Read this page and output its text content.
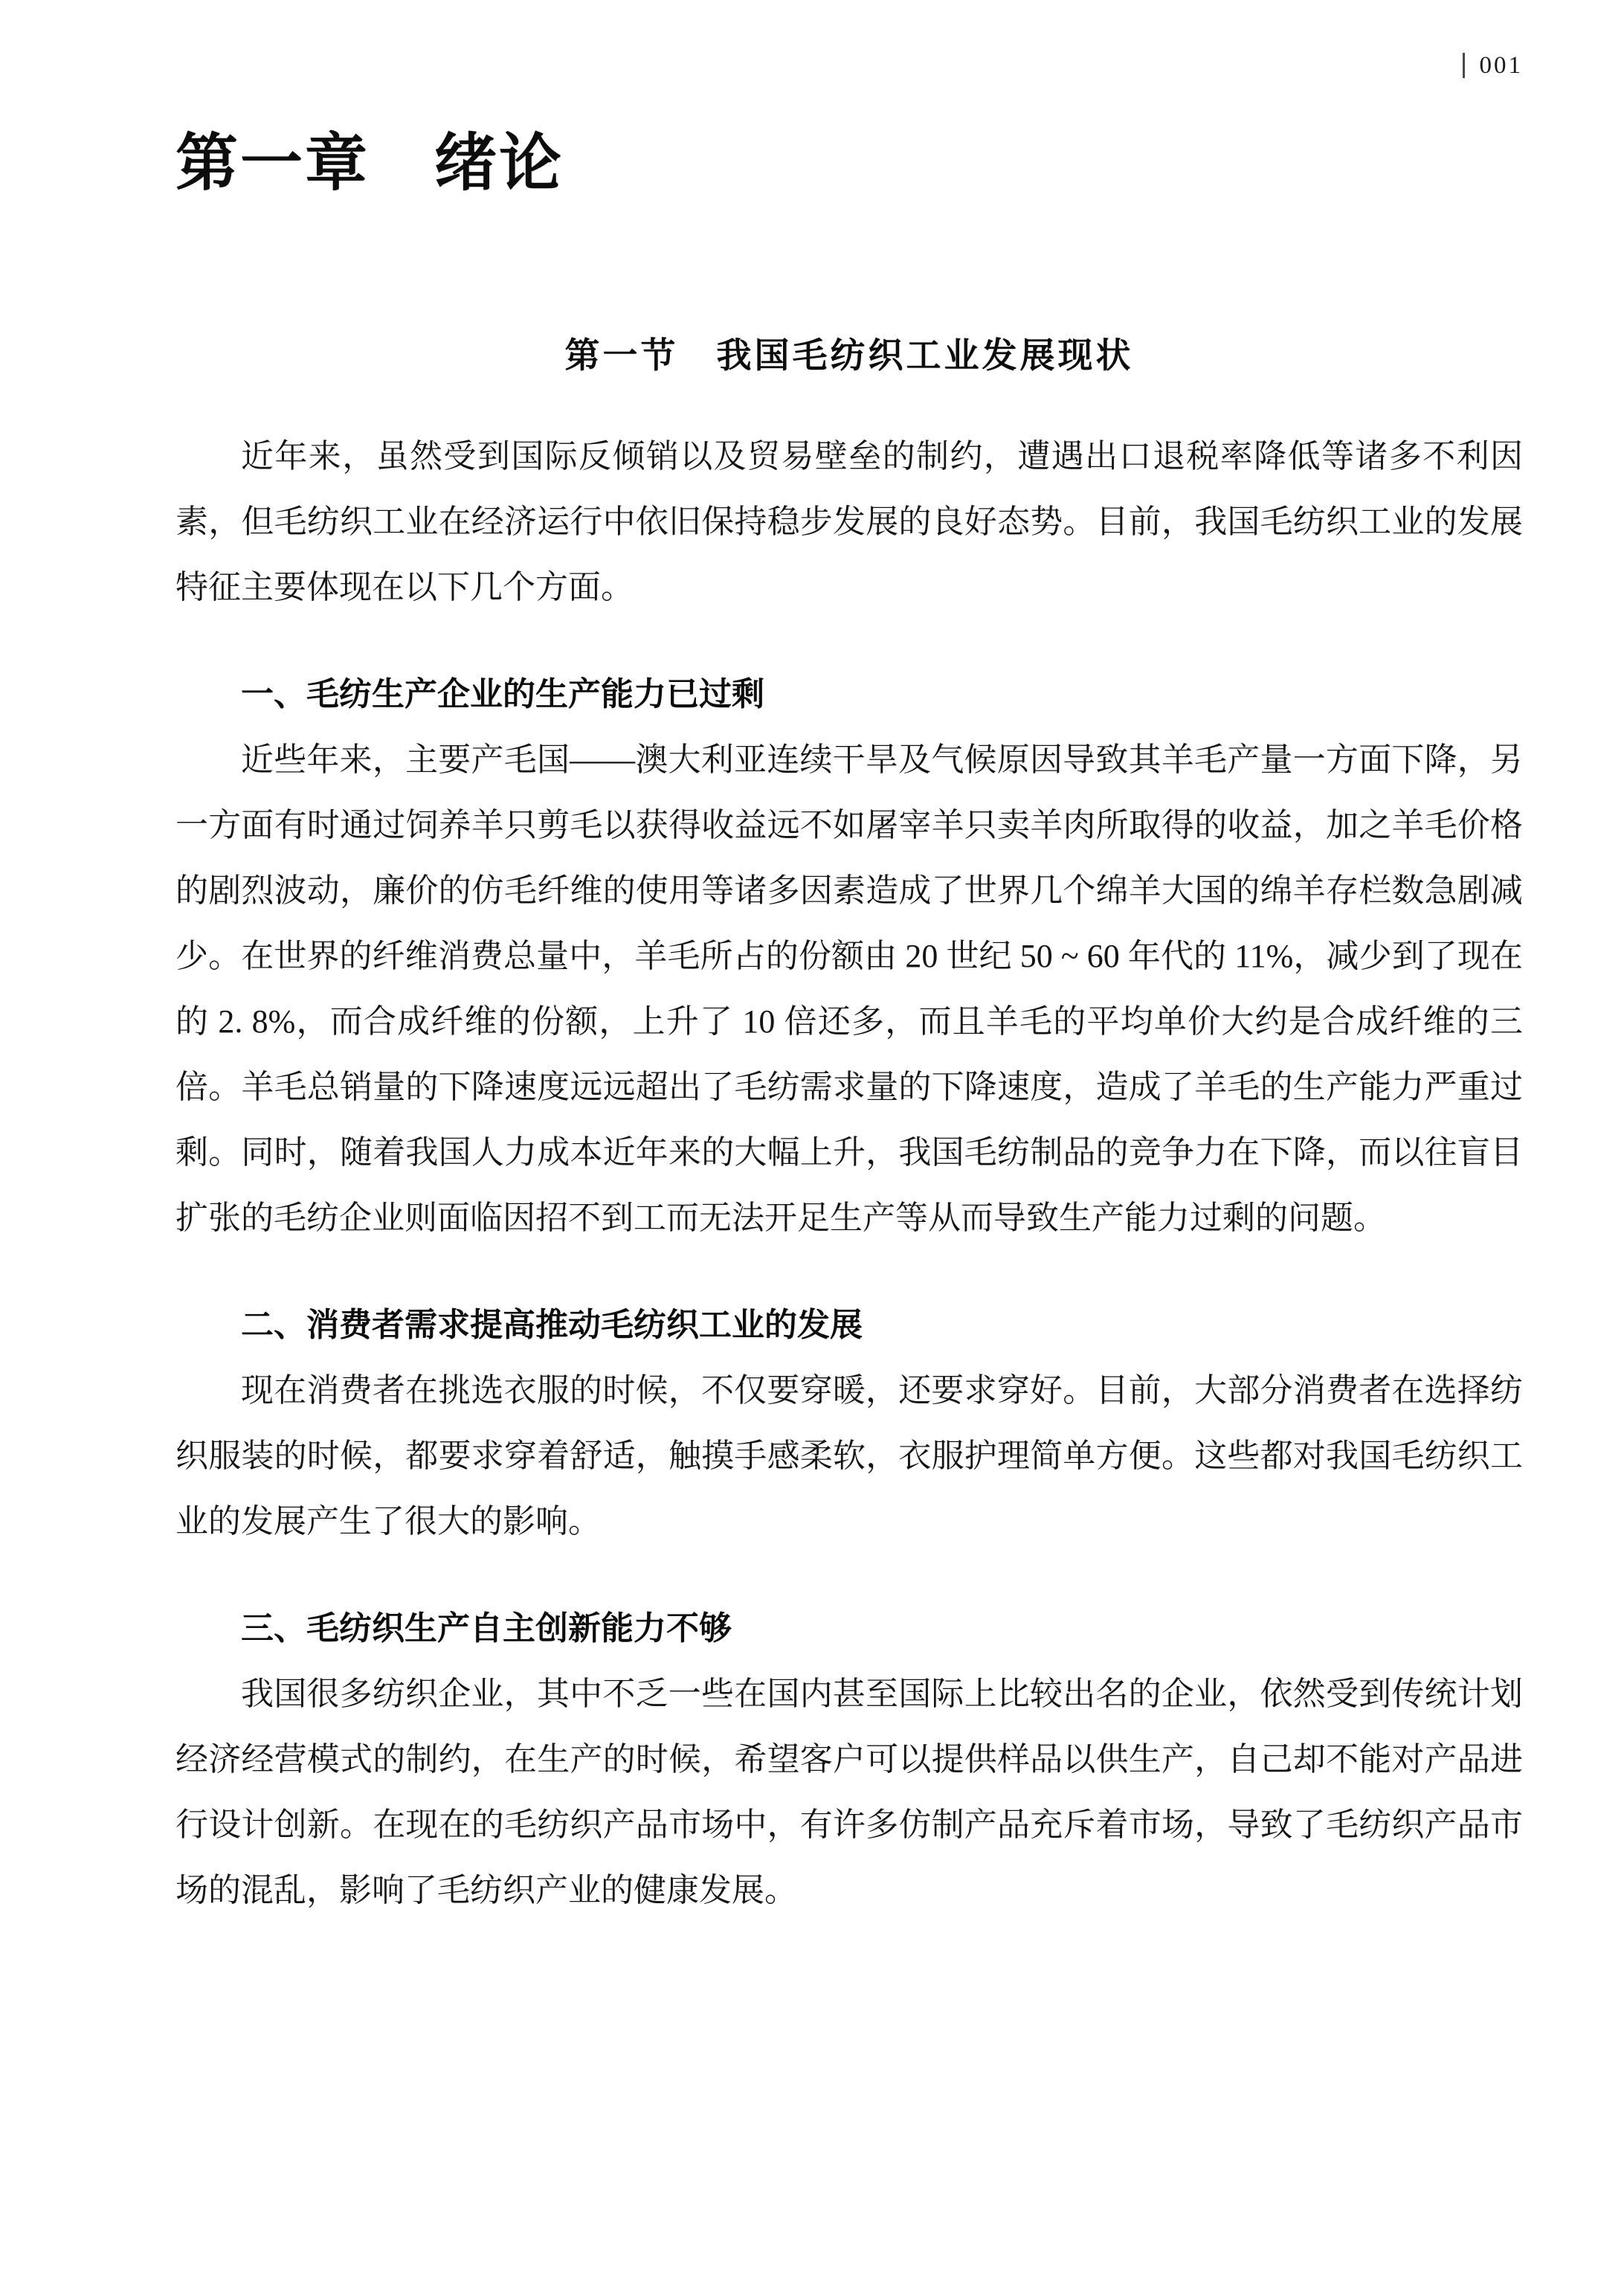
001
第一章　绪论
第一节　我国毛纺织工业发展现状

近年来，虽然受到国际反倾销以及贸易壁垒的制约，遭遇出口退税率降低等诸多不利因素，但毛纺织工业在经济运行中依旧保持稳步发展的良好态势。目前，我国毛纺织工业的发展特征主要体现在以下几个方面。

一、毛纺生产企业的生产能力已过剩

近些年来，主要产毛国——澳大利亚连续干旱及气候原因导致其羊毛产量一方面下降，另一方面有时通过饲养羊只剪毛以获得收益远不如屠宰羊只卖羊肉所取得的收益，加之羊毛价格的剧烈波动，廉价的仿毛纤维的使用等诸多因素造成了世界几个绵羊大国的绵羊存栏数急剧减少。在世界的纤维消费总量中，羊毛所占的份额由 20 世纪 50 ~ 60 年代的 11%，减少到了现在的 2. 8%，而合成纤维的份额，上升了 10 倍还多，而且羊毛的平均单价大约是合成纤维的三倍。羊毛总销量的下降速度远远超出了毛纺需求量的下降速度，造成了羊毛的生产能力严重过剩。同时，随着我国人力成本近年来的大幅上升，我国毛纺制品的竞争力在下降，而以往盲目扩张的毛纺企业则面临因招不到工而无法开足生产等从而导致生产能力过剩的问题。

二、消费者需求提高推动毛纺织工业的发展

现在消费者在挑选衣服的时候，不仅要穿暖，还要求穿好。目前，大部分消费者在选择纺织服装的时候，都要求穿着舒适，触摸手感柔软，衣服护理简单方便。这些都对我国毛纺织工业的发展产生了很大的影响。

三、毛纺织生产自主创新能力不够

我国很多纺织企业，其中不乏一些在国内甚至国际上比较出名的企业，依然受到传统计划经济经营模式的制约，在生产的时候，希望客户可以提供样品以供生产，自己却不能对产品进行设计创新。在现在的毛纺织产品市场中，有许多仿制产品充斥着市场，导致了毛纺织产品市场的混乱，影响了毛纺织产业的健康发展。
